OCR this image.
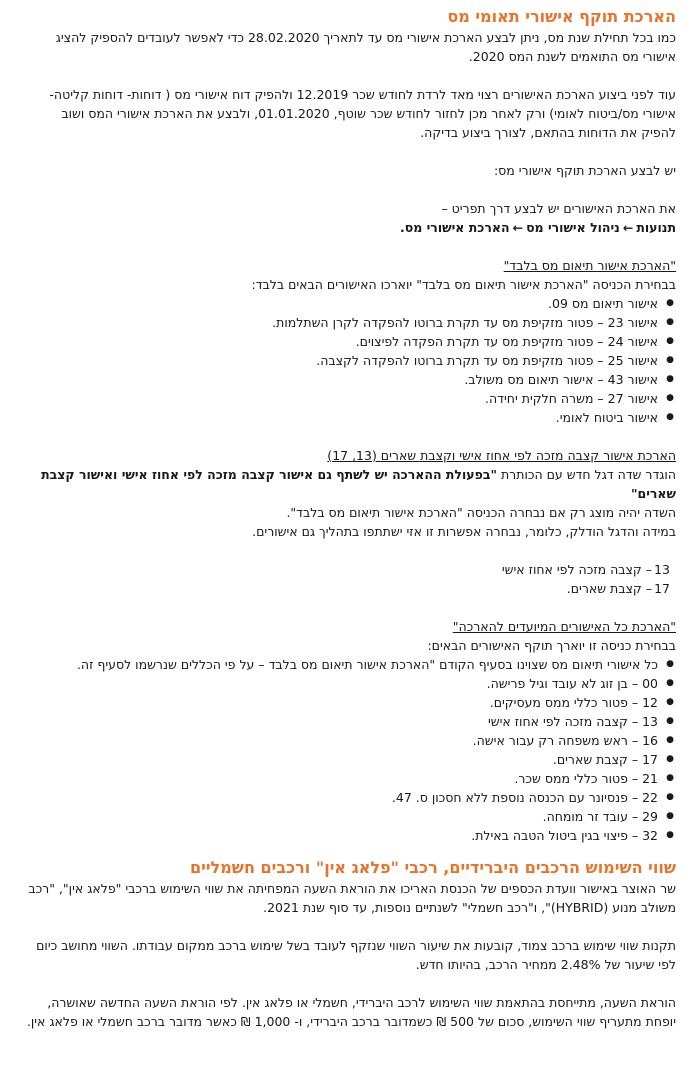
הארכת תוקף אישורי תאומי מס

כמו בכל תחילת שנת מס, ניתן לבצע הארכת אישורי מס עד לתאריך 28.02.2020 כדי לאפשר לעובדים להספיק להציג אישורי מס התואמים לשנת המס 2020.

עוד לפני ביצוע הארכת האישורים רצוי מאד לרדת לחודש שכר 12.2019 ולהפיק דוח אישורי מס ( דוחות- דוחות קליטה- אישורי מס/ביטוח לאומי) ורק לאחר מכן לחזור לחודש שכר שוטף, 01.01.2020, ולבצע את הארכת אישורי המס ושוב להפיק את הדוחות בהתאם, לצורך ביצוע בדיקה.

יש לבצע הארכת תוקף אישורי מס:

את הארכת האישורים יש לבצע דרך תפריט –

תנועות←ניהול אישורי מס←הארכת אישורי מס.

"הארכת אישור תיאום מס בלבד"

בבחירת הכניסה "הארכת אישור תיאום מס בלבד" יוארכו האישורים הבאים בלבד:

● אישור תיאום מס 09.
● אישור 23 – פטור מזקיפת מס עד תקרת ברוטו להפקדה לקרן השתלמות.
● אישור 24 – פטור מזקיפת מס עד תקרת הפקדה לפיצוים.
● אישור 25 – פטור מזקיפת מס עד תקרת ברוטו להפקדה לקצבה.
● אישור 43 – אישור תיאום מס משולב.
● אישור 27 – משרה חלקית יחידה.
● אישור ביטוח לאומי.

הארכת אישור קצבה מזכה לפי אחוז אישי וקצבת שארים (13, 17)

הוגדר שדה דגל חדש עם הכותרת "בפעולת ההארכה יש לשתף גם אישור קצבה מזכה לפי אחוז אישי ואישור קצבת שארים"

השדה יהיה מוצג רק אם נבחרה הכניסה "הארכת אישור תיאום מס בלבד".

במידה והדגל הודלק, כלומר, נבחרה אפשרות זו אזי ישתתפו בתהליך גם אישורים.

13 – קצבה מזכה לפי אחוז אישי

17 – קצבת שארים.

"הארכת כל האישורים המיועדים להארכה"

בבחירת כניסה זו יוארך תוקף האישורים הבאים:

● כל אישורי תיאום מס שצוינו בסעיף הקודם "הארכת אישור תיאום מס בלבד – על פי הכללים שנרשמו לסעיף זה.
● 00 – בן זוג לא עובד וגיל פרישה.
● 12 – פטור כללי ממס מעסיקים.
● 13 – קצבה מזכה לפי אחוז אישי
● 16 – ראש משפחה רק עבור אישה.
● 17 – קצבת שארים.
● 21 – פטור כללי ממס שכר.
● 22 – פנסיונר עם הכנסה נוספת ללא חסכון ס. 47.
● 29 – עובד זר מומחה.
● 32 – פיצוי בגין ביטול הטבה באילת.
שווי השימוש הרכבים היברידיים, רכבי "פלאג אין" ורכבים חשמליים

שר האוצר באישור וועדת הכספים של הכנסת האריכו את הוראת השעה המפחיתה את שווי השימוש ברכבי "פלאג אין", "רכב משולב מנוע (HYBRID)", ו"רכב חשמלי" לשנתיים נוספות, עד סוף שנת 2021.

תקנות שווי שימוש ברכב צמוד, קובעות את שיעור השווי שנזקף לעובד בשל שימוש ברכב ממקום עבודתו. השווי מחושב כיום לפי שיעור של 2.48% ממחיר הרכב, בהיותו חדש.

הוראת השעה, מתייחסת בהתאמת שווי השימוש לרכב היברידי, חשמלי או פלאג אין. לפי הוראת השעה החדשה שאושרה, יופחת מתעריף שווי השימוש, סכום של 500 ₪ כשמדובר ברכב היברידי, ו- 1,000 ₪ כאשר מדובר ברכב חשמלי או פלאג אין.
